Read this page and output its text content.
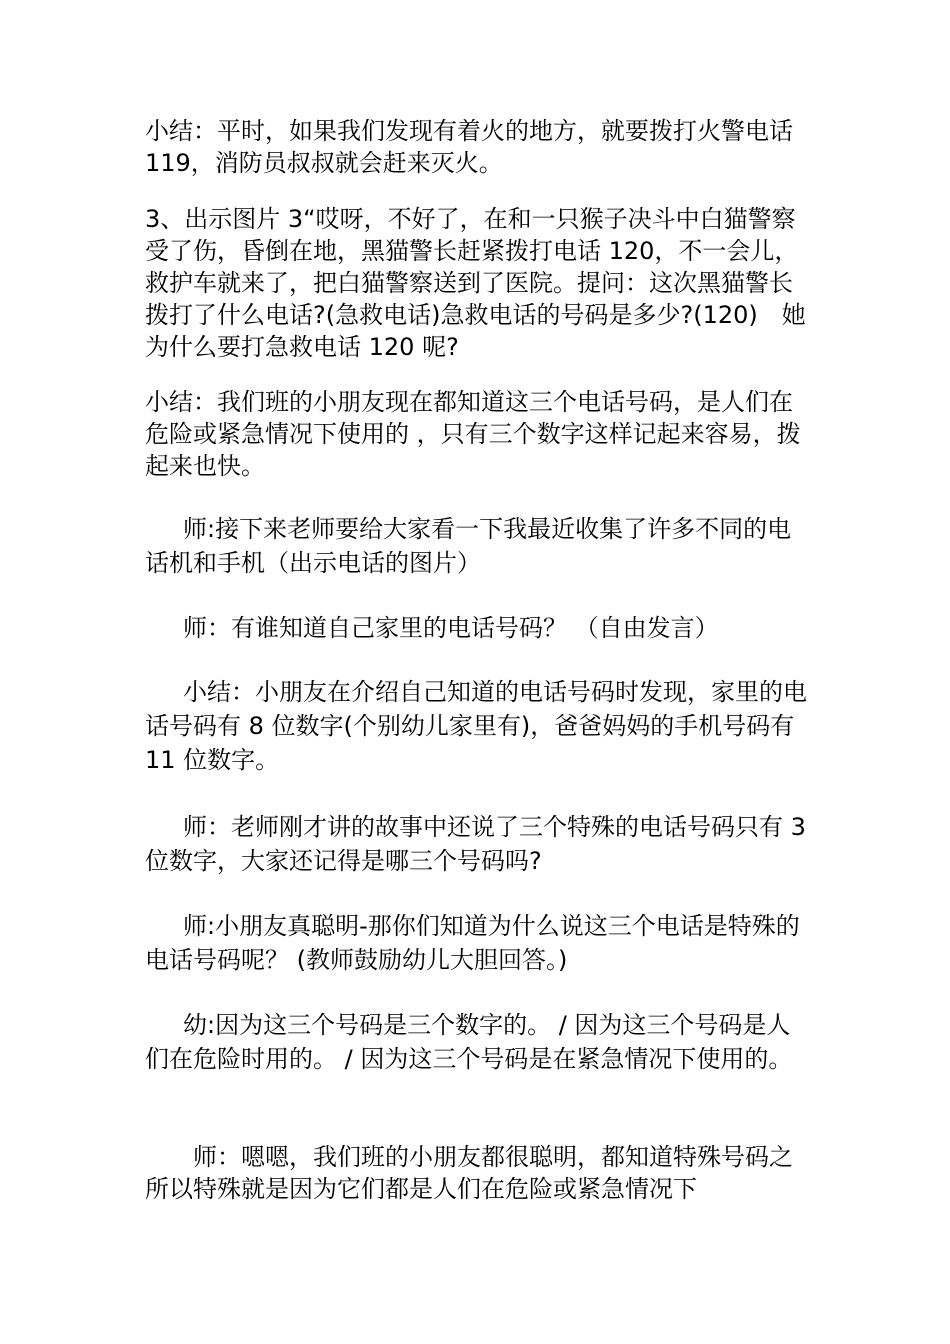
小结：平时，如果我们发现有着火的地方，就要拨打火警电话 119，消防员叔叔就会赶来灭火。

3、出示图片 3“哎呀，不好了，在和一只猴子决斗中白猫警察受了伤，昏倒在地，黑猫警长赶紧拨打电话 120，不一会儿，救护车就来了，把白猫警察送到了医院。提问：这次黑猫警长拨打了什么电话?(急救电话)急救电话的号码是多少?(120)　她为什么要打急救电话 120 呢?

小结：我们班的小朋友现在都知道这三个电话号码，是人们在危险或紧急情况下使用的 ，只有三个数字这样记起来容易，拨起来也快。

师:接下来老师要给大家看一下我最近收集了许多不同的电话机和手机（出示电话的图片）

师：有谁知道自己家里的电话号码？ （自由发言）

小结：小朋友在介绍自己知道的电话号码时发现，家里的电话号码有 8 位数字(个别幼儿家里有)，爸爸妈妈的手机号码有 11 位数字。

师：老师刚才讲的故事中还说了三个特殊的电话号码只有 3 位数字，大家还记得是哪三个号码吗?

师:小朋友真聪明-那你们知道为什么说这三个电话是特殊的电话号码呢？ (教师鼓励幼儿大胆回答。)

幼:因为这三个号码是三个数字的。 / 因为这三个号码是人们在危险时用的。 / 因为这三个号码是在紧急情况下使用的。

师：嗯嗯，我们班的小朋友都很聪明，都知道特殊号码之所以特殊就是因为它们都是人们在危险或紧急情况下
